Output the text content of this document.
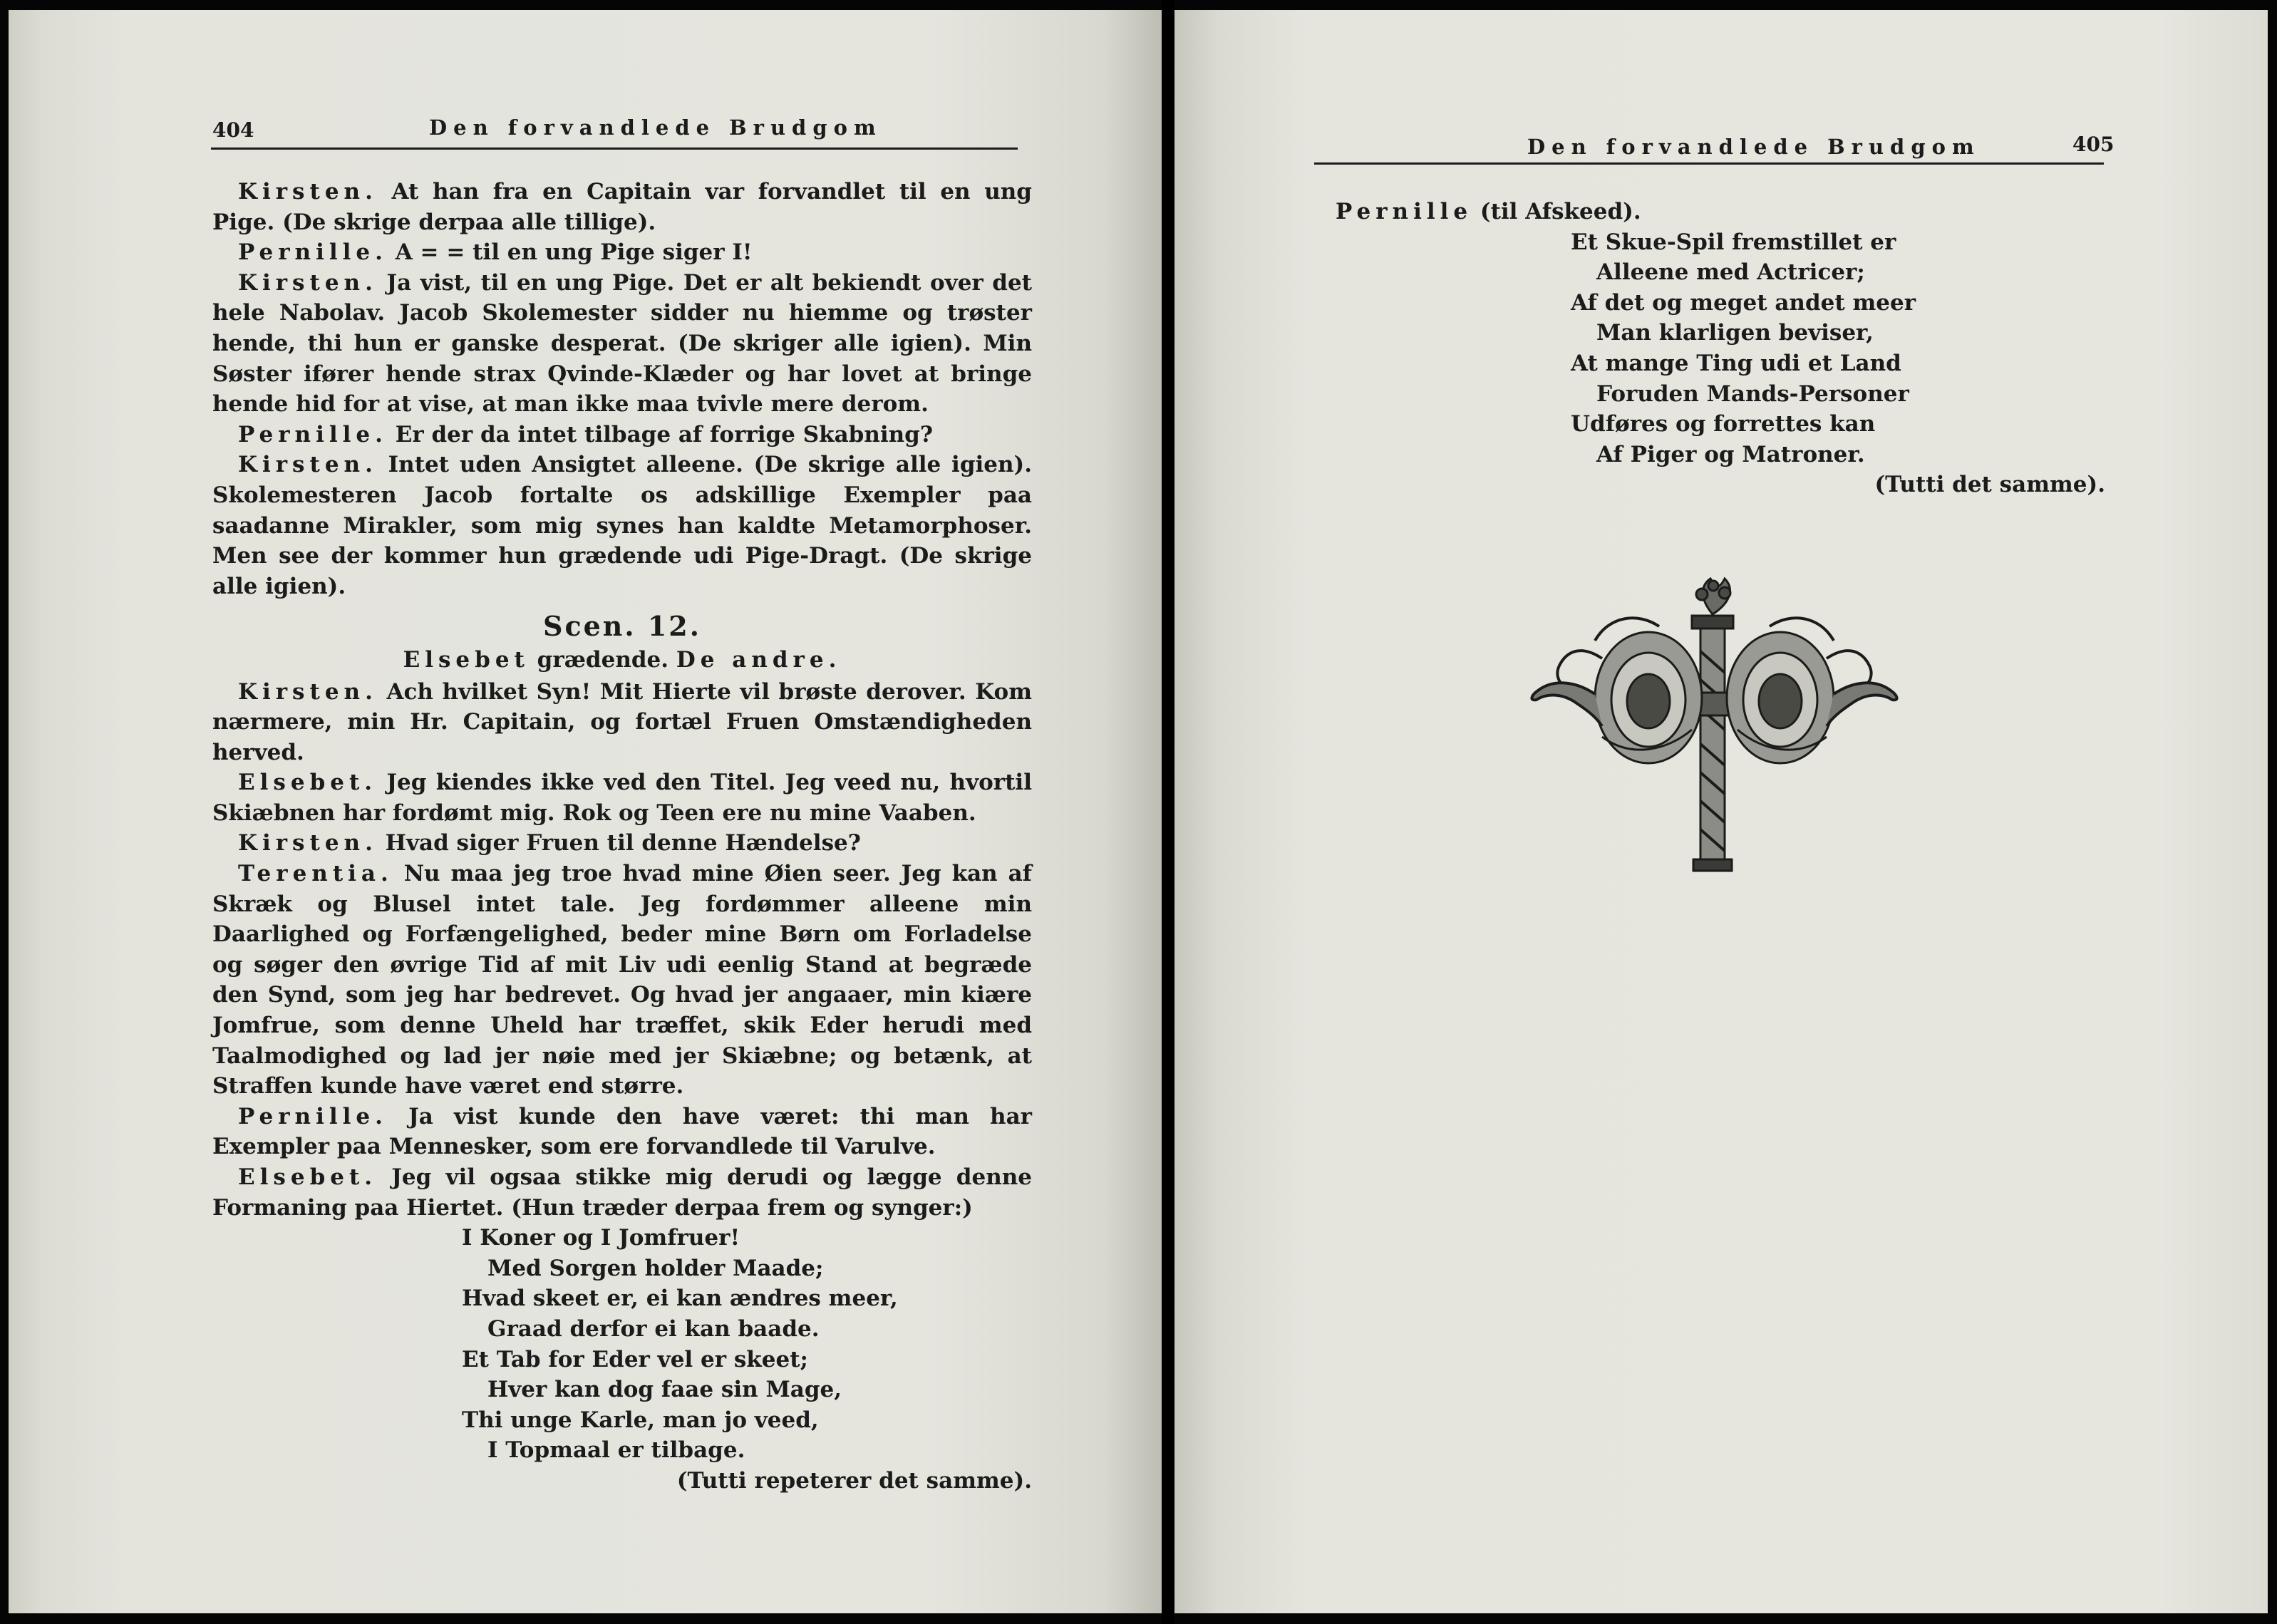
404	Den forvandlede Brudgom

Kirsten. At han fra en Capitain var forvandlet til en ung Pige. (De skrige derpaa alle tillige).

Pernille. A = = til en ung Pige siger I!

Kirsten. Ja vist, til en ung Pige. Det er alt bekiendt over det hele Nabolav. Jacob Skolemester sidder nu hiemme og trøster hende, thi hun er ganske desperat. (De skriger alle igien). Min Søster ifører hende strax Qvinde-Klæder og har lovet at bringe hende hid for at vise, at man ikke maa tvivle mere derom.

Pernille. Er der da intet tilbage af forrige Skabning?

Kirsten. Intet uden Ansigtet alleene. (De skrige alle igien). Skolemesteren Jacob fortalte os adskillige Exempler paa saadanne Mirakler, som mig synes han kaldte Metamorphoser. Men see der kommer hun grædende udi Pige-Dragt. (De skrige alle igien).

Scen. 12.
Elsebet grædende. De andre.

Kirsten. Ach hvilket Syn! Mit Hierte vil brøste derover. Kom nærmere, min Hr. Capitain, og fortæl Fruen Omstændigheden herved.

Elsebet. Jeg kiendes ikke ved den Titel. Jeg veed nu, hvortil Skiæbnen har fordømt mig. Rok og Teen ere nu mine Vaaben.

Kirsten. Hvad siger Fruen til denne Hændelse?

Terentia. Nu maa jeg troe hvad mine Øien seer. Jeg kan af Skræk og Blusel intet tale. Jeg fordømmer alleene min Daarlighed og Forfængelighed, beder mine Børn om Forladelse og søger den øvrige Tid af mit Liv udi eenlig Stand at begræde den Synd, som jeg har bedrevet. Og hvad jer angaaer, min kiære Jomfrue, som denne Uheld har træffet, skik Eder herudi med Taalmodighed og lad jer nøie med jer Skiæbne; og betænk, at Straffen kunde have været end større.

Pernille. Ja vist kunde den have været: thi man har Exempler paa Mennesker, som ere forvandlede til Varulve.

Elsebet. Jeg vil ogsaa stikke mig derudi og lægge denne Formaning paa Hiertet. (Hun træder derpaa frem og synger:)

I Koner og I Jomfruer!

Med Sorgen holder Maade;

Hvad skeet er, ei kan ændres meer,

Graad derfor ei kan baade.

Et Tab for Eder vel er skeet;

Hver kan dog faae sin Mage,

Thi unge Karle, man jo veed,

I Topmaal er tilbage.

(Tutti repeterer det samme).

Den forvandlede Brudgom	405

Pernille (til Afskeed).

Et Skue-Spil fremstillet er

Alleene med Actricer;

Af det og meget andet meer

Man klarligen beviser,

At mange Ting udi et Land

Foruden Mands-Personer

Udføres og forrettes kan

Af Piger og Matroner.

(Tutti det samme).
